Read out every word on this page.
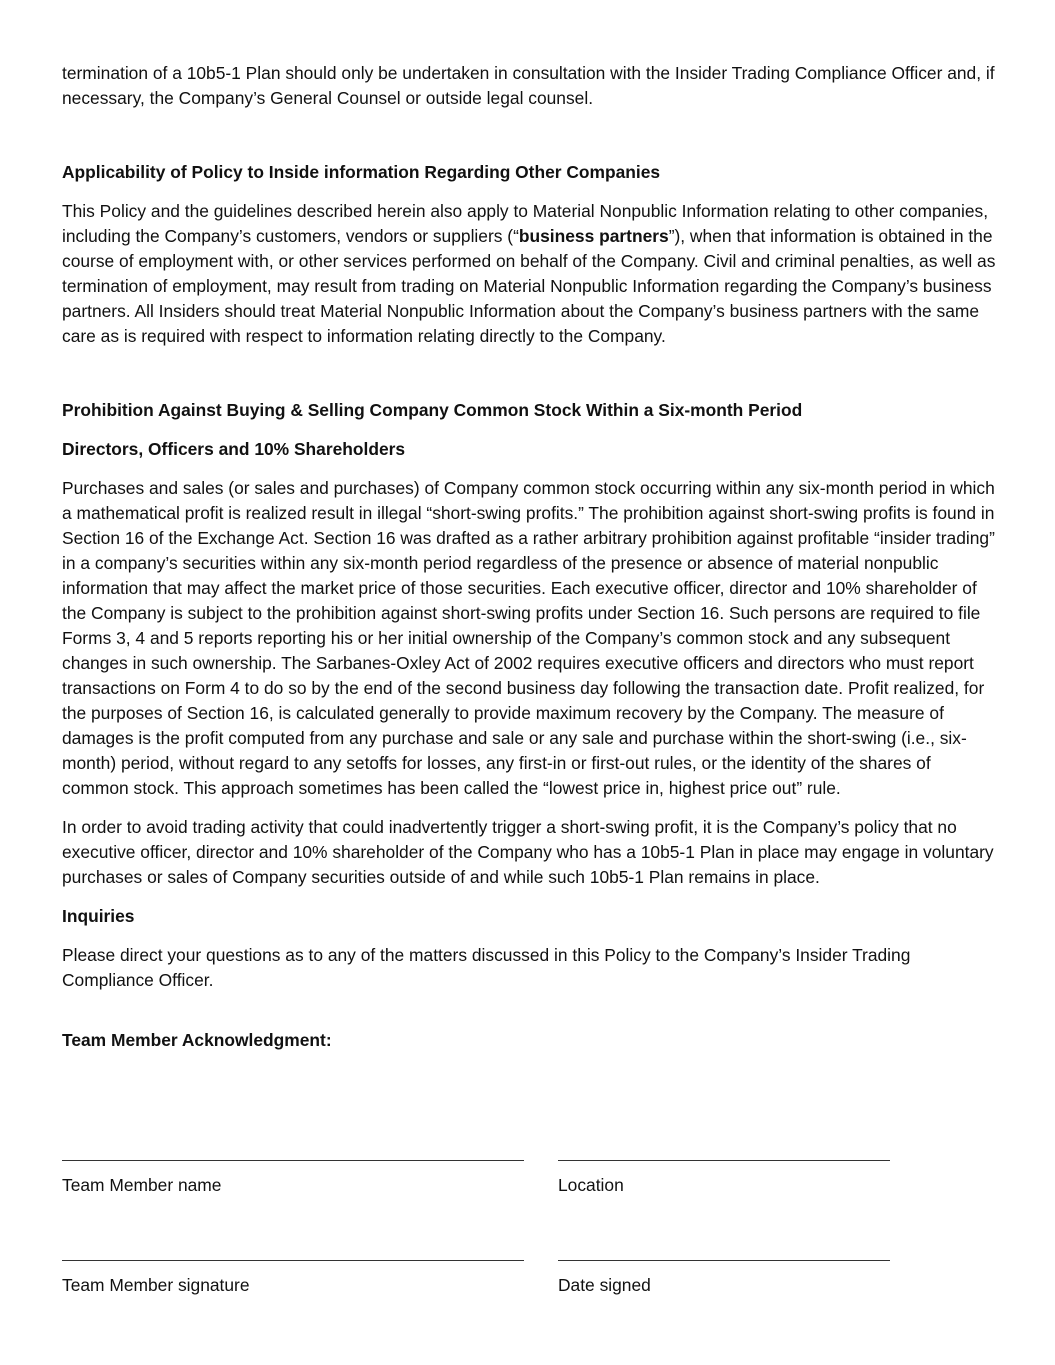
termination of a 10b5-1 Plan should only be undertaken in consultation with the Insider Trading Compliance Officer and, if necessary, the Company’s General Counsel or outside legal counsel.

Applicability of Policy to Inside information Regarding Other Companies

This Policy and the guidelines described herein also apply to Material Nonpublic Information relating to other companies, including the Company’s customers, vendors or suppliers (“business partners”), when that information is obtained in the course of employment with, or other services performed on behalf of the Company. Civil and criminal penalties, as well as termination of employment, may result from trading on Material Nonpublic Information regarding the Company’s business partners. All Insiders should treat Material Nonpublic Information about the Company’s business partners with the same care as is required with respect to information relating directly to the Company.

Prohibition Against Buying & Selling Company Common Stock Within a Six-month Period
Directors, Officers and 10% Shareholders

Purchases and sales (or sales and purchases) of Company common stock occurring within any six-month period in which a mathematical profit is realized result in illegal “short-swing profits.” The prohibition against short-swing profits is found in Section 16 of the Exchange Act. Section 16 was drafted as a rather arbitrary prohibition against profitable “insider trading” in a company’s securities within any six-month period regardless of the presence or absence of material nonpublic information that may affect the market price of those securities. Each executive officer, director and 10% shareholder of the Company is subject to the prohibition against short-swing profits under Section 16. Such persons are required to file Forms 3, 4 and 5 reports reporting his or her initial ownership of the Company’s common stock and any subsequent changes in such ownership. The Sarbanes-Oxley Act of 2002 requires executive officers and directors who must report transactions on Form 4 to do so by the end of the second business day following the transaction date. Profit realized, for the purposes of Section 16, is calculated generally to provide maximum recovery by the Company. The measure of damages is the profit computed from any purchase and sale or any sale and purchase within the short-swing (i.e., six-month) period, without regard to any setoffs for losses, any first-in or first-out rules, or the identity of the shares of common stock. This approach sometimes has been called the “lowest price in, highest price out” rule.

In order to avoid trading activity that could inadvertently trigger a short-swing profit, it is the Company’s policy that no executive officer, director and 10% shareholder of the Company who has a 10b5-1 Plan in place may engage in voluntary purchases or sales of Company securities outside of and while such 10b5-1 Plan remains in place.

Inquiries

Please direct your questions as to any of the matters discussed in this Policy to the Company’s Insider Trading Compliance Officer.

Team Member Acknowledgment:
Team Member name	Location
Team Member signature	Date signed
